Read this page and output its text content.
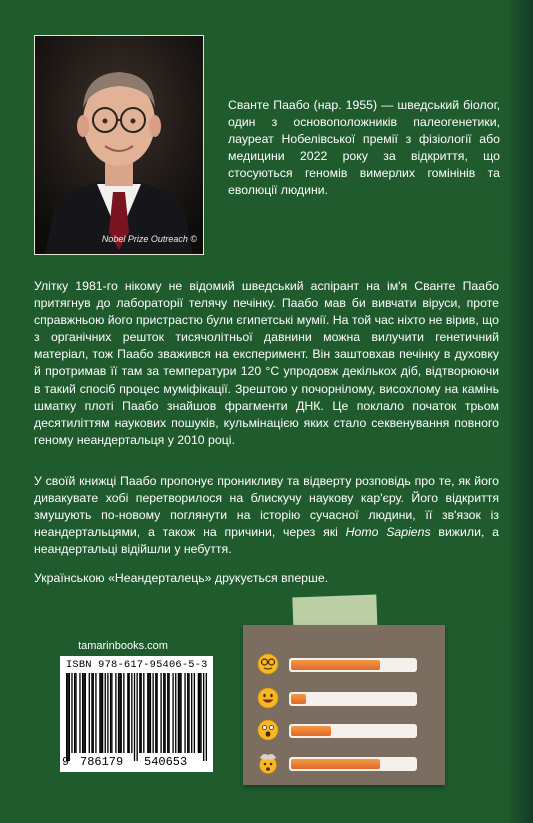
Nobel Prize Outreach ©
Сванте Паабо (нар. 1955) — шведський біолог, один з основоположників палеогенетики, лауреат Нобелівської премії з фізіології або медицини 2022 року за відкриття, що стосуються геномів вимерлих гомінінів та еволюції людини.

Улітку 1981-го нікому не відомий шведський аспірант на ім'я Сванте Паабо притягнув до лабораторії телячу печінку. Паабо мав би вивчати віруси, проте справжньою його пристрастю були єгипетські мумії. На той час ніхто не вірив, що з органічних решток тисячолітньої давнини можна вилучити генетичний матеріал, тож Паабо зважився на експеримент. Він заштовхав печінку в духовку й протримав її там за температури 120 °C упродовж декількох діб, відтворюючи в такий спосіб процес муміфікації. Зрештою у почорнілому, висохлому на камінь шматку плоті Паабо знайшов фрагменти ДНК. Це поклало початок трьом десятиліттям наукових пошуків, кульмінацією яких стало секвенування повного геному неандертальця у 2010 році.

У своїй книжці Паабо пропонує проникливу та відверту розповідь про те, як його дивакувате хобі перетворилося на блискучу наукову кар'єру. Його відкриття змушують по-новому поглянути на історію сучасної людини, її зв'язок із неандертальцями, а також на причини, через які Homo Sapiens вижили, а неандертальці відійшли у небуття.

Українською «Неандерталець» друкується вперше.

tamarinbooks.com
ISBN 978-617-95406-5-3
9 786179 540653
